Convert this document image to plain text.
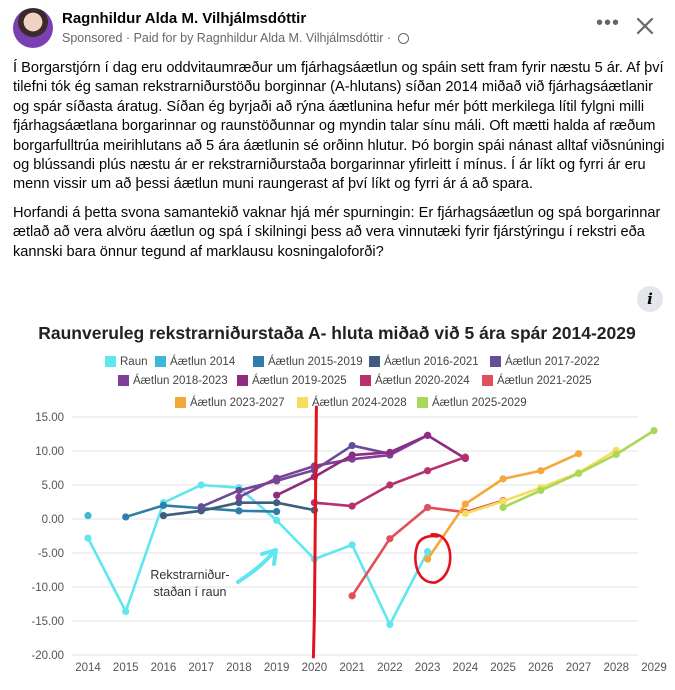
Ragnhildur Alda M. Vilhjálmsdóttir
Sponsored · Paid for by Ragnhildur Alda M. Vilhjálmsdóttir ·
•••

Í Borgarstjórn í dag eru oddvitaumræður um fjárhagsáætlun og spáin sett fram fyrir næstu 5 ár. Af því tilefni tók ég saman rekstrarniðurstöðu borginnar (A-hlutans) síðan 2014 miðað við fjárhagsáætlanir og spár síðasta áratug. Síðan ég byrjaði að rýna áætlunina hefur mér þótt merkilega lítil fylgni milli fjárhagsáætlana borgarinnar og raunstöðunnar og myndin talar sínu máli. Oft mætti halda af ræðum borgarfulltrúa meirihlutans að 5 ára áætlunin sé orðinn hlutur. Þó borgin spái nánast alltaf viðsnúningi og blússandi plús næstu ár er rekstrarniðurstaða borgarinnar yfirleitt í mínus. Í ár líkt og fyrri ár eru menn vissir um að þessi áætlun muni raungerast af því líkt og fyrri ár á að spara.

Horfandi á þetta svona samantekið vaknar hjá mér spurningin: Er fjárhagsáætlun og spá borgarinnar ætlað að vera alvöru áætlun og spá í skilningi þess að vera vinnutæki fyrir fjárstýringu í rekstri eða kannski bara önnur tegund af marklausu kosningaloforði?

Raunveruleg rekstrarniðurstaða A- hluta miðað við 5 ára spár 2014-2029
Raun Áætlun 2014	Áætlun 2015-2019 Áætlun 2016-2021 Áætlun 2017-2022
Áætlun 2018-2023 Áætlun 2019-2025 Áætlun 2020-2024 Áætlun 2021-2025
Áætlun 2023-2027 Áætlun 2024-2028 Áætlun 2025-2029
15.00
10.00
5.00
0.00
-5.00
-10.00
-15.00
-20.00
2014 2015 2016 2017 2018 2019 2020 2021 2022 2023 2024 2025 2026 2027 2028 2029
Rekstrarniður-
staðan í raun
i
